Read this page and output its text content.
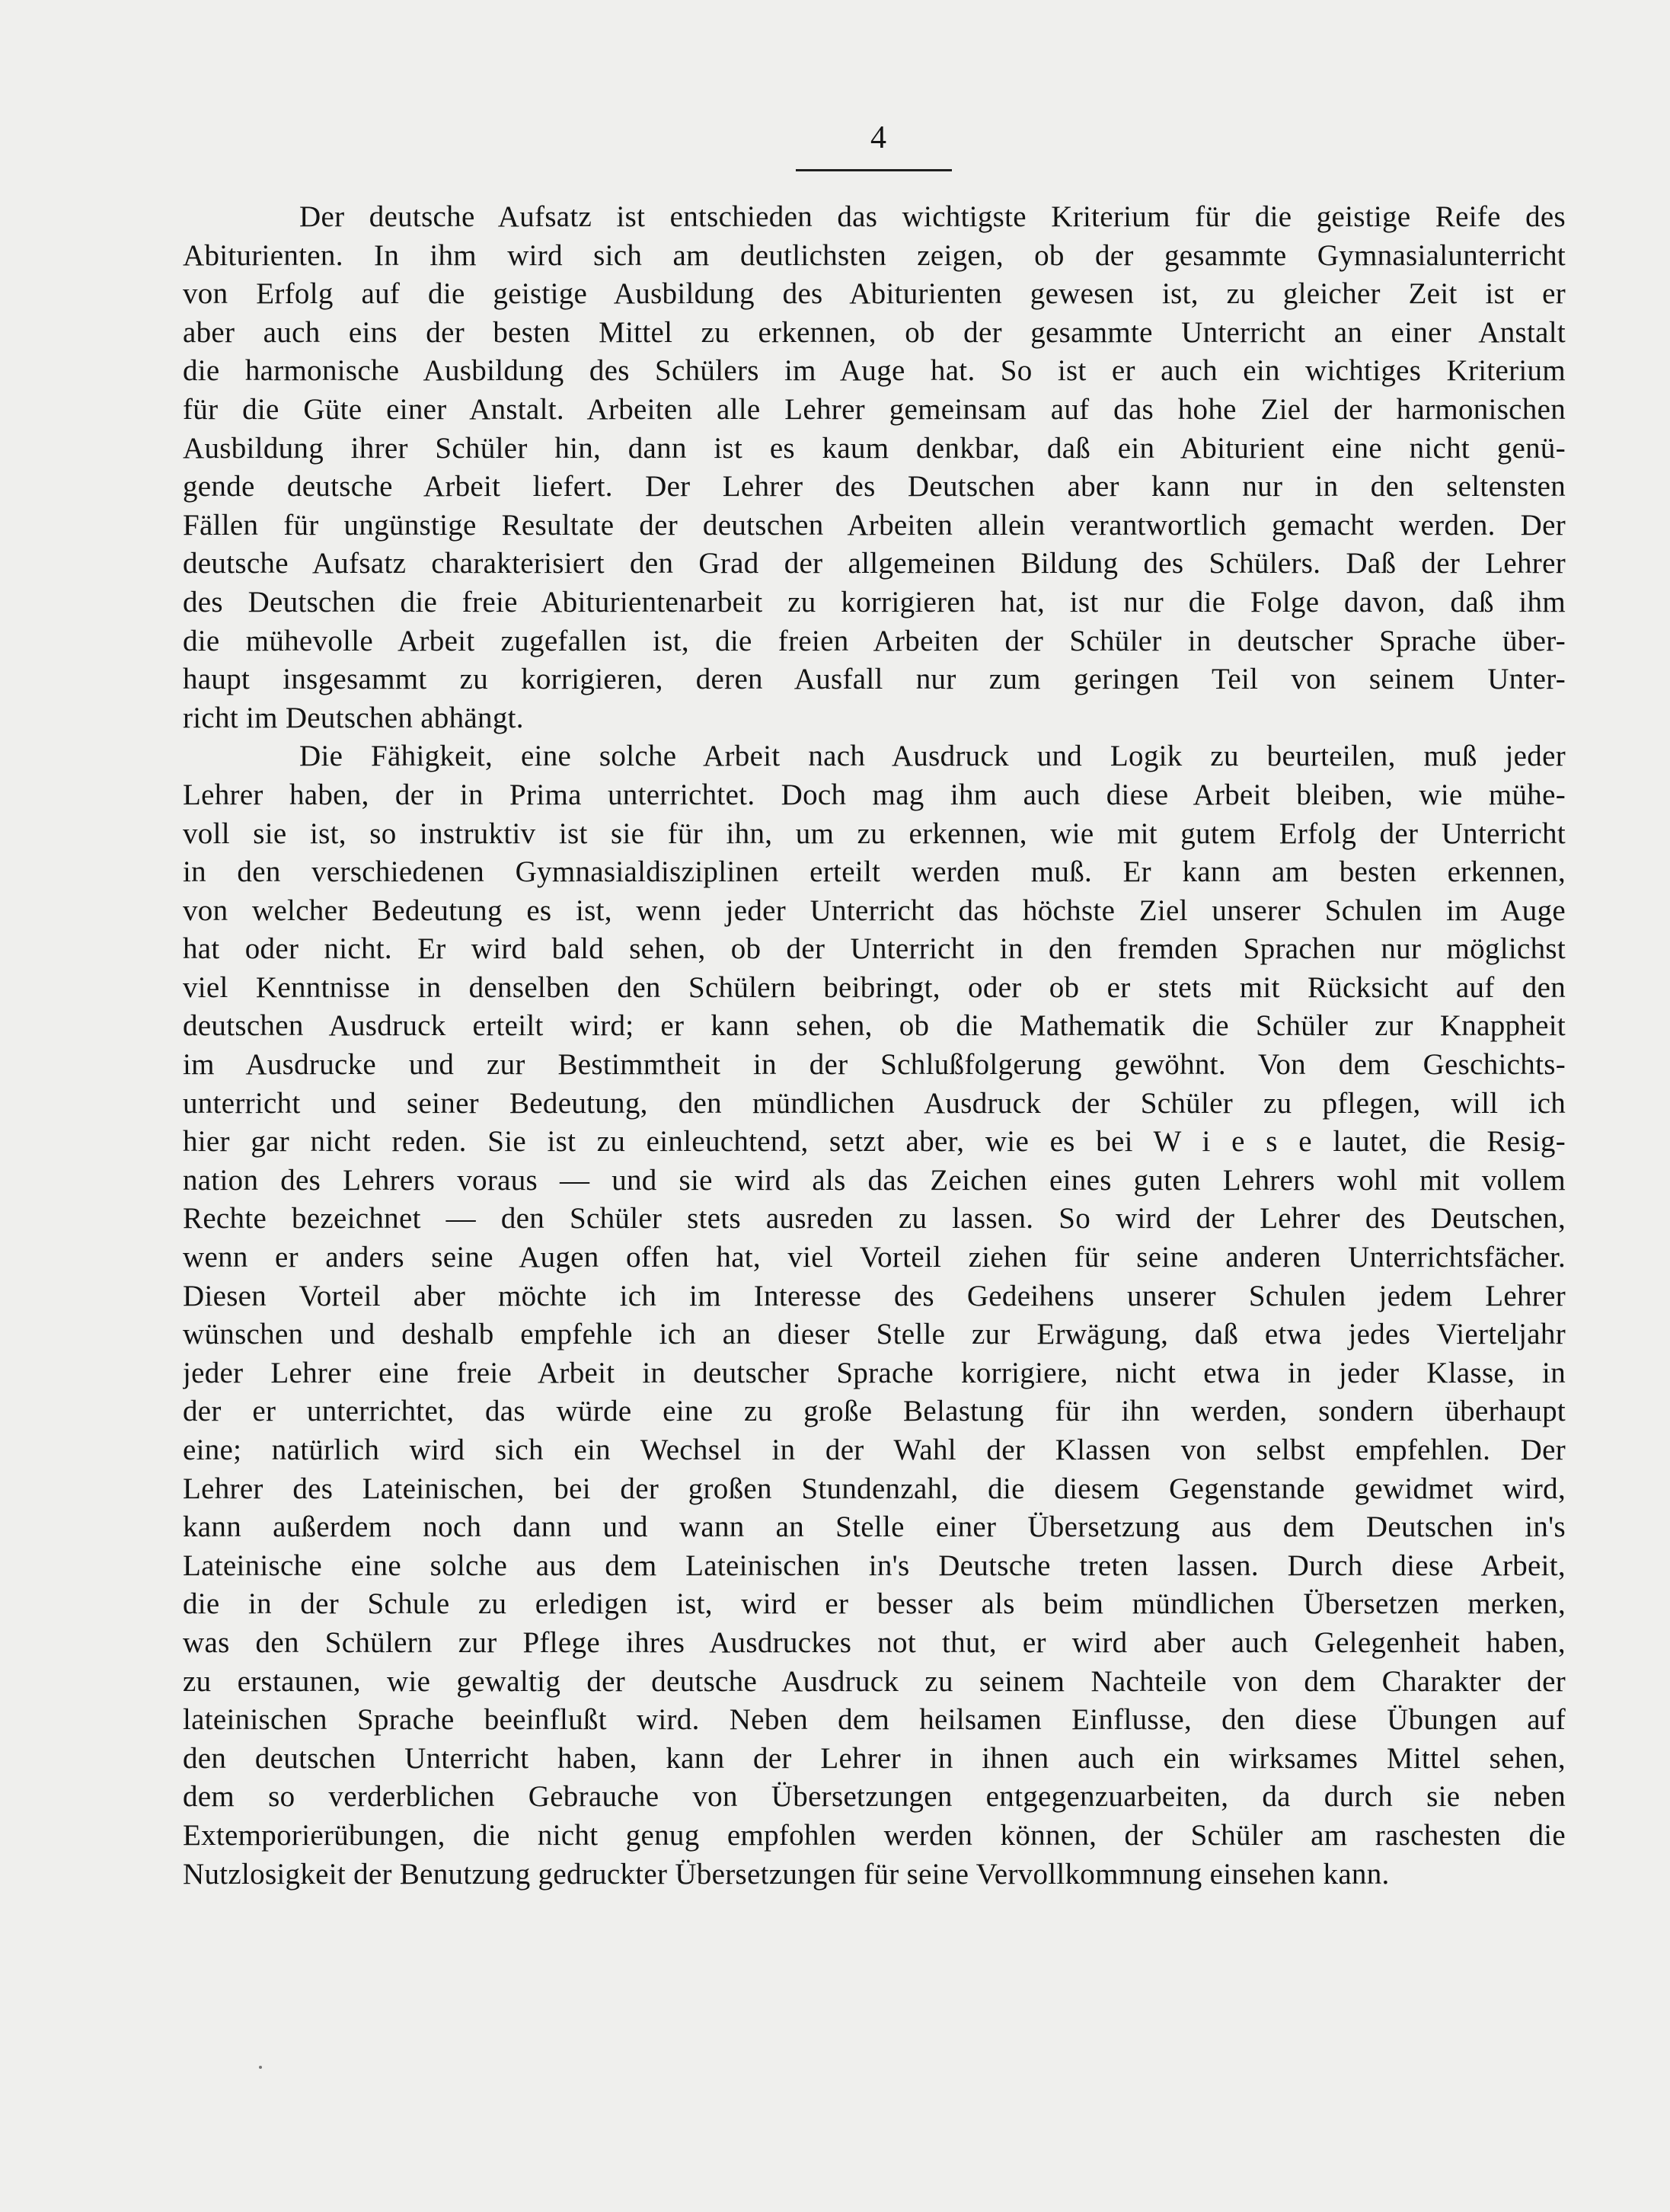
4
Der deutsche Aufsatz ist entschieden das wichtigste Kriterium für die geistige Reife des
Abiturienten. In ihm wird sich am deutlichsten zeigen, ob der gesammte Gymnasialunterricht
von Erfolg auf die geistige Ausbildung des Abiturienten gewesen ist, zu gleicher Zeit ist er
aber auch eins der besten Mittel zu erkennen, ob der gesammte Unterricht an einer Anstalt
die harmonische Ausbildung des Schülers im Auge hat. So ist er auch ein wichtiges Kriterium
für die Güte einer Anstalt. Arbeiten alle Lehrer gemeinsam auf das hohe Ziel der harmonischen
Ausbildung ihrer Schüler hin, dann ist es kaum denkbar, daß ein Abiturient eine nicht genü-
gende deutsche Arbeit liefert. Der Lehrer des Deutschen aber kann nur in den seltensten
Fällen für ungünstige Resultate der deutschen Arbeiten allein verantwortlich gemacht werden. Der
deutsche Aufsatz charakterisiert den Grad der allgemeinen Bildung des Schülers. Daß der Lehrer
des Deutschen die freie Abiturientenarbeit zu korrigieren hat, ist nur die Folge davon, daß ihm
die mühevolle Arbeit zugefallen ist, die freien Arbeiten der Schüler in deutscher Sprache über-
haupt insgesammt zu korrigieren, deren Ausfall nur zum geringen Teil von seinem Unter-
richt im Deutschen abhängt.
Die Fähigkeit, eine solche Arbeit nach Ausdruck und Logik zu beurteilen, muß jeder
Lehrer haben, der in Prima unterrichtet. Doch mag ihm auch diese Arbeit bleiben, wie mühe-
voll sie ist, so instruktiv ist sie für ihn, um zu erkennen, wie mit gutem Erfolg der Unterricht
in den verschiedenen Gymnasialdisziplinen erteilt werden muß. Er kann am besten erkennen,
von welcher Bedeutung es ist, wenn jeder Unterricht das höchste Ziel unserer Schulen im Auge
hat oder nicht. Er wird bald sehen, ob der Unterricht in den fremden Sprachen nur möglichst
viel Kenntnisse in denselben den Schülern beibringt, oder ob er stets mit Rücksicht auf den
deutschen Ausdruck erteilt wird; er kann sehen, ob die Mathematik die Schüler zur Knappheit
im Ausdrucke und zur Bestimmtheit in der Schlußfolgerung gewöhnt. Von dem Geschichts-
unterricht und seiner Bedeutung, den mündlichen Ausdruck der Schüler zu pflegen, will ich
hier gar nicht reden. Sie ist zu einleuchtend, setzt aber, wie es bei W i e s e lautet, die Resig-
nation des Lehrers voraus — und sie wird als das Zeichen eines guten Lehrers wohl mit vollem
Rechte bezeichnet — den Schüler stets ausreden zu lassen. So wird der Lehrer des Deutschen,
wenn er anders seine Augen offen hat, viel Vorteil ziehen für seine anderen Unterrichtsfächer.
Diesen Vorteil aber möchte ich im Interesse des Gedeihens unserer Schulen jedem Lehrer
wünschen und deshalb empfehle ich an dieser Stelle zur Erwägung, daß etwa jedes Vierteljahr
jeder Lehrer eine freie Arbeit in deutscher Sprache korrigiere, nicht etwa in jeder Klasse, in
der er unterrichtet, das würde eine zu große Belastung für ihn werden, sondern überhaupt
eine; natürlich wird sich ein Wechsel in der Wahl der Klassen von selbst empfehlen. Der
Lehrer des Lateinischen, bei der großen Stundenzahl, die diesem Gegenstande gewidmet wird,
kann außerdem noch dann und wann an Stelle einer Übersetzung aus dem Deutschen in's
Lateinische eine solche aus dem Lateinischen in's Deutsche treten lassen. Durch diese Arbeit,
die in der Schule zu erledigen ist, wird er besser als beim mündlichen Übersetzen merken,
was den Schülern zur Pflege ihres Ausdruckes not thut, er wird aber auch Gelegenheit haben,
zu erstaunen, wie gewaltig der deutsche Ausdruck zu seinem Nachteile von dem Charakter der
lateinischen Sprache beeinflußt wird. Neben dem heilsamen Einflusse, den diese Übungen auf
den deutschen Unterricht haben, kann der Lehrer in ihnen auch ein wirksames Mittel sehen,
dem so verderblichen Gebrauche von Übersetzungen entgegenzuarbeiten, da durch sie neben
Extemporierübungen, die nicht genug empfohlen werden können, der Schüler am raschesten die
Nutzlosigkeit der Benutzung gedruckter Übersetzungen für seine Vervollkommnung einsehen kann.
